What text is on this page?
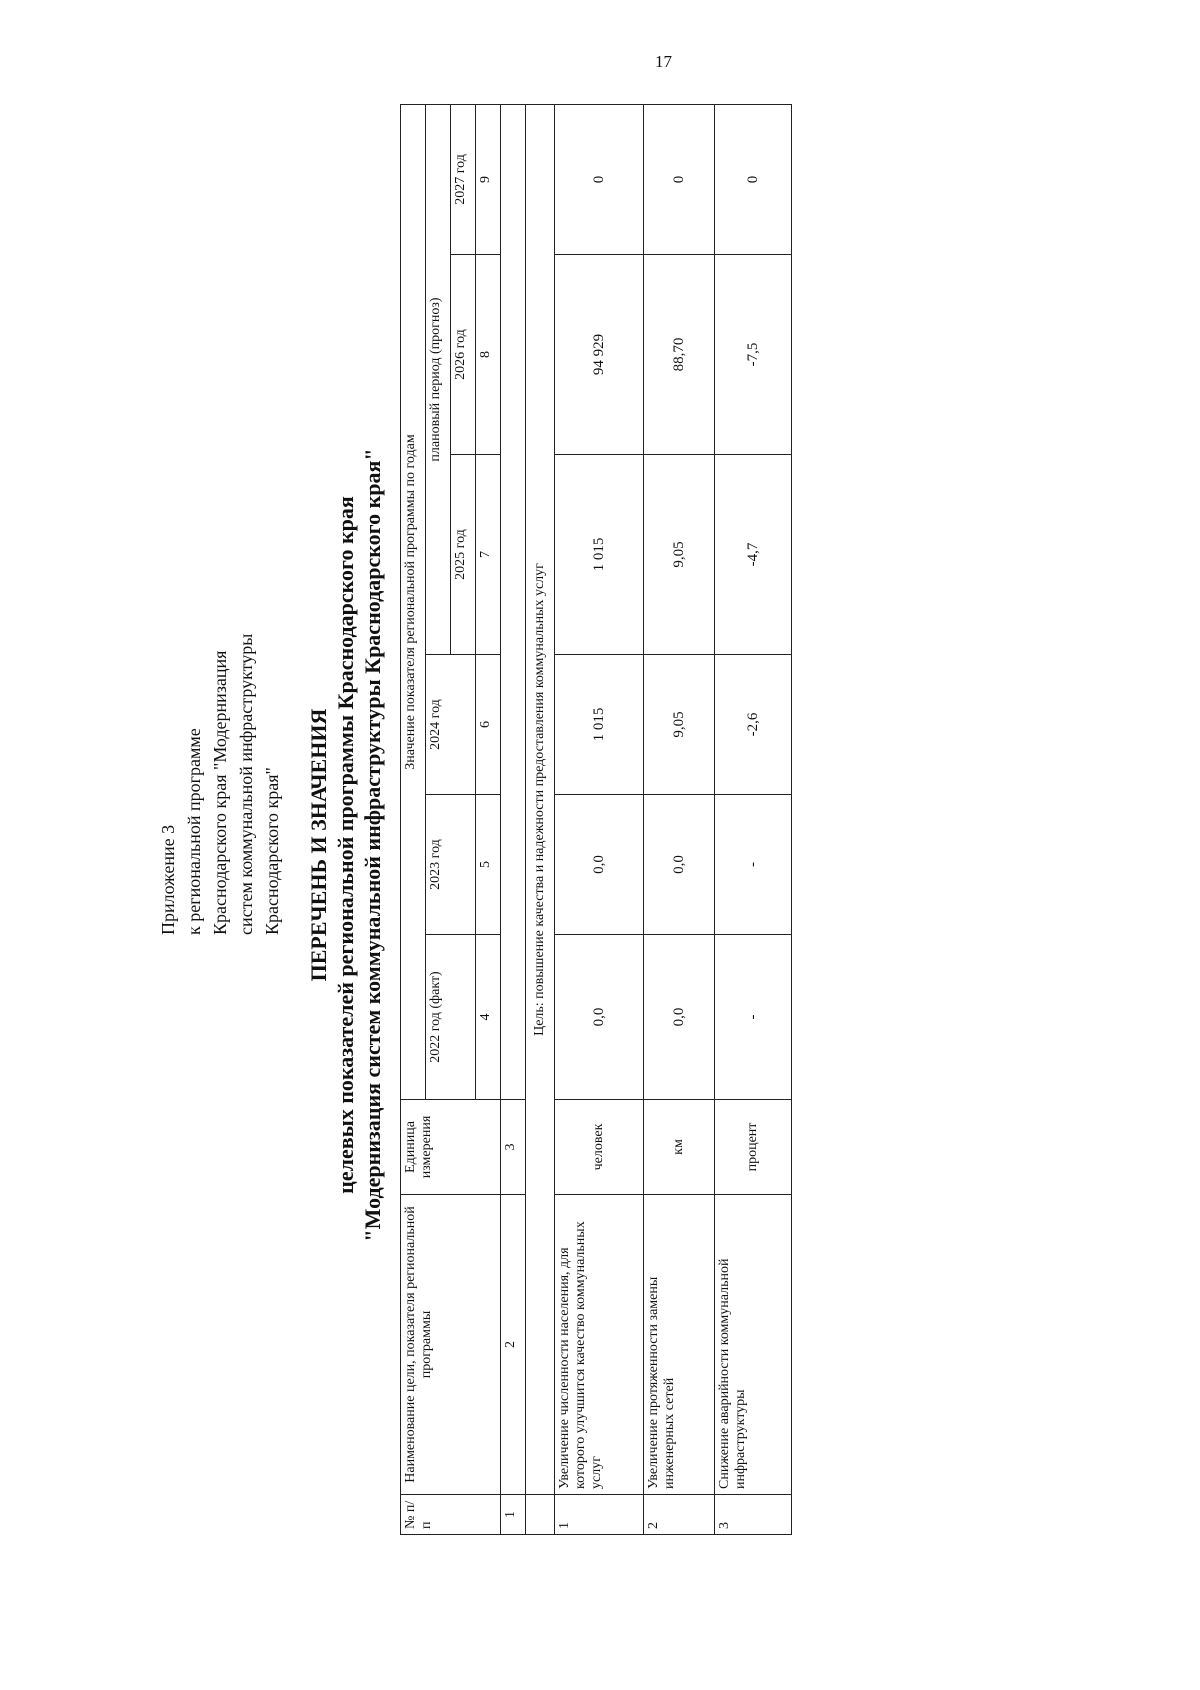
17
Приложение 3 к региональной программе Краснодарского края "Модернизация систем коммунальной инфраструктуры Краснодарского края" ПЕРЕЧЕНЬ И ЗНАЧЕНИЯ целевых показателей региональной программы Краснодарского края "Модернизация систем коммунальной инфраструктуры Краснодарского края"
№ п/п	Наименование цели, показателя региональной программы	Единица измерения	Значение показателя региональной программы по годам					
			2022 год (факт)	2023 год	2024 год	плановый период (прогноз)		
						2025 год	2026 год	2027 год
			4	5	6	7	8	9
1	2	3						
	Цель: повышение качества и надежности предоставления коммунальных услуг							
1	Увеличение численности населения, для которого улучшится качество коммунальных услуг	человек	0,0	0,0	1 015	1 015	94 929	0
2	Увеличение протяженности замены инженерных сетей	км	0,0	0,0	9,05	9,05	88,70	0
3	Снижение аварийности коммунальной инфраструктуры	процент	-	-	-2,6	-4,7	-7,5	0
